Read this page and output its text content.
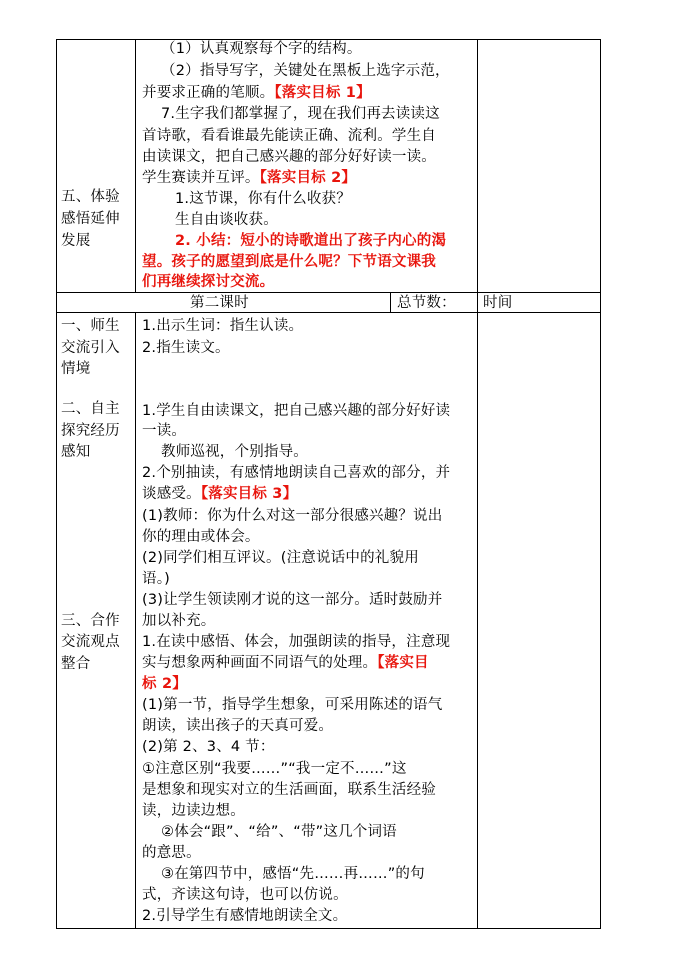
五、体验
感悟延伸
发展
（1）认真观察每个字的结构。
（2）指导写字，关键处在黑板上选字示范，
并要求正确的笔顺。【落实目标 1】
7.生字我们都掌握了，现在我们再去读读这
首诗歌，看看谁最先能读正确、流利。学生自
由读课文，把自己感兴趣的部分好好读一读。
学生赛读并互评。【落实目标 2】
1.这节课，你有什么收获？
生自由谈收获。
2. 小结：短小的诗歌道出了孩子内心的渴
望。孩子的愿望到底是什么呢？下节语文课我
们再继续探讨交流。
第二课时	总节数： 时间
一、师生
交流引入
情境
二、自主
探究经历
感知
三、合作
交流观点
整合
1.出示生词：指生认读。
2.指生读文。
1.学生自由读课文，把自己感兴趣的部分好好读
一读。
教师巡视，个别指导。
2.个别抽读，有感情地朗读自己喜欢的部分，并
谈感受。【落实目标 3】
(1)教师：你为什么对这一部分很感兴趣？说出
你的理由或体会。
(2)同学们相互评议。(注意说话中的礼貌用
语。)
(3)让学生领读刚才说的这一部分。适时鼓励并
加以补充。
1.在读中感悟、体会，加强朗读的指导，注意现
实与想象两种画面不同语气的处理。【落实目
标 2】
(1)第一节，指导学生想象，可采用陈述的语气
朗读，读出孩子的天真可爱。
(2)第 2、3、4 节：
①注意区别“我要……”“我一定不……”这
是想象和现实对立的生活画面，联系生活经验
读，边读边想。
②体会“跟”、“给”、“带”这几个词语
的意思。
③在第四节中，感悟“先……再……”的句
式，齐读这句诗，也可以仿说。
2.引导学生有感情地朗读全文。
